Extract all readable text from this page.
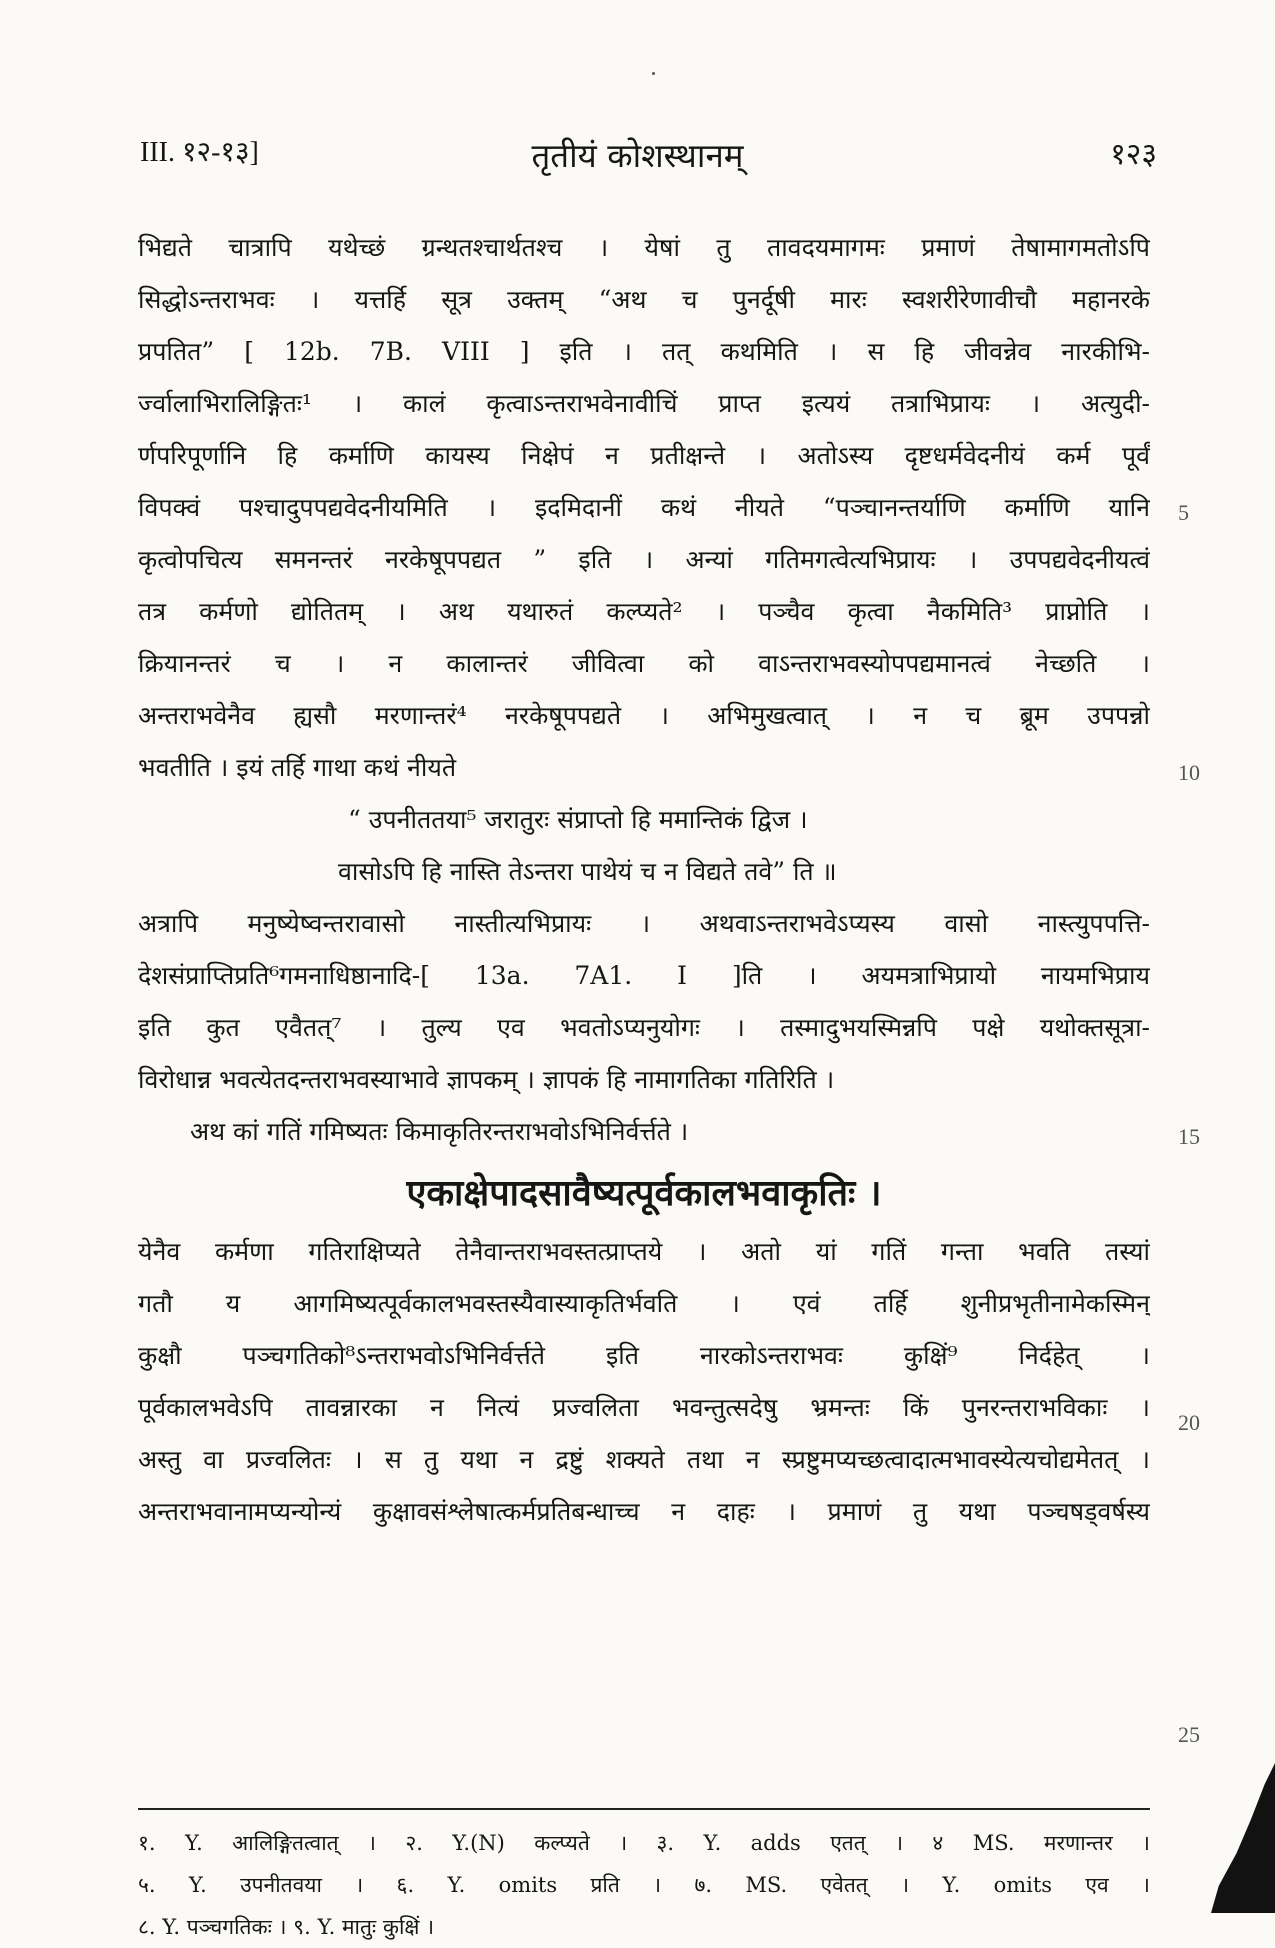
तृतीयं कोशस्थानम्
III. १२-१३]	१२३
भिद्यते चात्रापि यथेच्छं ग्रन्थतश्चार्थतश्च । येषां तु तावदयमागमः प्रमाणं तेषामागमतोऽपि
सिद्धोऽन्तराभवः । यत्तर्हि सूत्र उक्तम् “अथ च पुनर्दूषी मारः स्वशरीरेणावीचौ महानरके
प्रपतित” [ 12b. 7B. VIII ] इति । तत् कथमिति । स हि जीवन्नेव नारकीभि-
र्ज्वालाभिरालिङ्गितः¹ । कालं कृत्वाऽन्तराभवेनावीचिं प्राप्त इत्ययं तत्राभिप्रायः । अत्युदी-
र्णपरिपूर्णानि हि कर्माणि कायस्य निक्षेपं न प्रतीक्षन्ते । अतोऽस्य दृष्टधर्मवेदनीयं कर्म पूर्वं
विपक्वं पश्चादुपपद्यवेदनीयमिति । इदमिदानीं कथं नीयते “पञ्चानन्तर्याणि कर्माणि यानि
कृत्वोपचित्य समनन्तरं नरकेषूपपद्यत ” इति । अन्यां गतिमगत्वेत्यभिप्रायः । उपपद्यवेदनीयत्वं
तत्र कर्मणो द्योतितम् । अथ यथारुतं कल्प्यते² । पञ्चैव कृत्वा नैकमिति³ प्राप्नोति ।
क्रियानन्तरं च । न कालान्तरं जीवित्वा को वाऽन्तराभवस्योपपद्यमानत्वं नेच्छति ।
अन्तराभवेनैव ह्यसौ मरणान्तरं⁴ नरकेषूपपद्यते । अभिमुखत्वात् । न च ब्रूम उपपन्नो
भवतीति । इयं तर्हि गाथा कथं नीयते
“ उपनीततया⁵ जरातुरः संप्राप्तो हि ममान्तिकं द्विज ।
वासोऽपि हि नास्ति तेऽन्तरा पाथेयं च न विद्यते तवे” ति ॥
अत्रापि मनुष्येष्वन्तरावासो नास्तीत्यभिप्रायः । अथवाऽन्तराभवेऽप्यस्य वासो नास्त्युपपत्ति-
देशसंप्राप्तिप्रति⁶गमनाधिष्ठानादि-[ 13a. 7A1. I ]ति । अयमत्राभिप्रायो नायमभिप्राय
इति कुत एवैतत्⁷ । तुल्य एव भवतोऽप्यनुयोगः । तस्मादुभयस्मिन्नपि पक्षे यथोक्तसूत्रा-
विरोधान्न भवत्येतदन्तराभवस्याभावे ज्ञापकम् । ज्ञापकं हि नामागतिका गतिरिति ।
अथ कां गतिं गमिष्यतः किमाकृतिरन्तराभवोऽभिनिर्वर्त्तते ।
एकाक्षेपादसावैष्यत्पूर्वकालभवाकृतिः ।
येनैव कर्मणा गतिराक्षिप्यते तेनैवान्तराभवस्तत्प्राप्तये । अतो यां गतिं गन्ता भवति तस्यां
गतौ य आगमिष्यत्पूर्वकालभवस्तस्यैवास्याकृतिर्भवति । एवं तर्हि शुनीप्रभृतीनामेकस्मिन्
कुक्षौ पञ्चगतिको⁸ऽन्तराभवोऽभिनिर्वर्त्तते इति नारकोऽन्तराभवः कुक्षिं⁹ निर्दहेत् ।
पूर्वकालभवेऽपि तावन्नारका न नित्यं प्रज्वलिता भवन्तुत्सदेषु भ्रमन्तः किं पुनरन्तराभविकाः ।
अस्तु वा प्रज्वलितः । स तु यथा न द्रष्टुं शक्यते तथा न स्प्रष्टुमप्यच्छत्वादात्मभावस्येत्यचोद्यमेतत् ।
अन्तराभवानामप्यन्योन्यं कुक्षावसंश्लेषात्कर्मप्रतिबन्धाच्च न दाहः । प्रमाणं तु यथा पञ्चषड्वर्षस्य
5
10
15
20
25
१. Y. आलिङ्गितत्वात् । २. Y.(N) कल्प्यते । ३. Y. adds एतत् । ४ MS. मरणान्तर ।
५. Y. उपनीतवया । ६. Y. omits प्रति । ७. MS. एवेतत् । Y. omits एव ।
८. Y. पञ्चगतिकः । ९. Y. मातुः कुक्षिं ।
